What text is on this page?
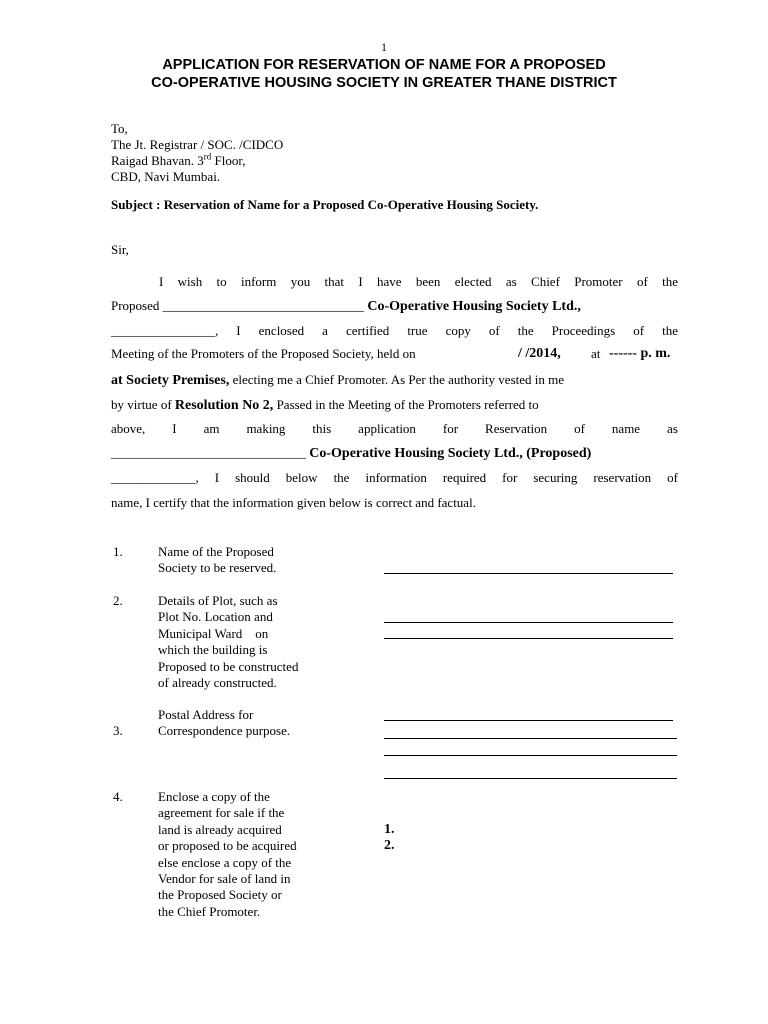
1
APPLICATION FOR RESERVATION OF NAME FOR A PROPOSED
CO-OPERATIVE HOUSING SOCIETY IN GREATER THANE DISTRICT
To,
The Jt. Registrar / SOC. /CIDCO
Raigad Bhavan. 3rd Floor,
CBD, Navi Mumbai.
Subject : Reservation of Name for a Proposed Co-Operative Housing Society.
Sir,
I wish to inform you that I have been elected as Chief Promoter of the
Proposed _______________________________ Co-Operative Housing Society Ltd.,
________________, I enclosed a certified true copy of the Proceedings of the
Meeting of the Promoters of the Proposed Society, held on	/ /2014, at ------ p. m.
at Society Premises, electing me a Chief Promoter. As Per the authority vested in me
by virtue of Resolution No 2, Passed in the Meeting of the Promoters referred to
above, I am making this application for Reservation of name as
______________________________ Co-Operative Housing Society Ltd., (Proposed)
_____________, I should below the information required for securing reservation of
name, I certify that the information given below is correct and factual.
1.	Name of the Proposed
Society to be reserved.
2.	Details of Plot, such as
Plot No. Location and
Municipal Ward    on
which the building is
Proposed to be constructed
of already constructed.
Postal Address for
3.	Correspondence purpose.
4.	Enclose a copy of the
agreement for sale if the
land is already acquired
or proposed to be acquired
else enclose a copy of the
Vendor for sale of land in
the Proposed Society or
the Chief Promoter.
1.
2.
